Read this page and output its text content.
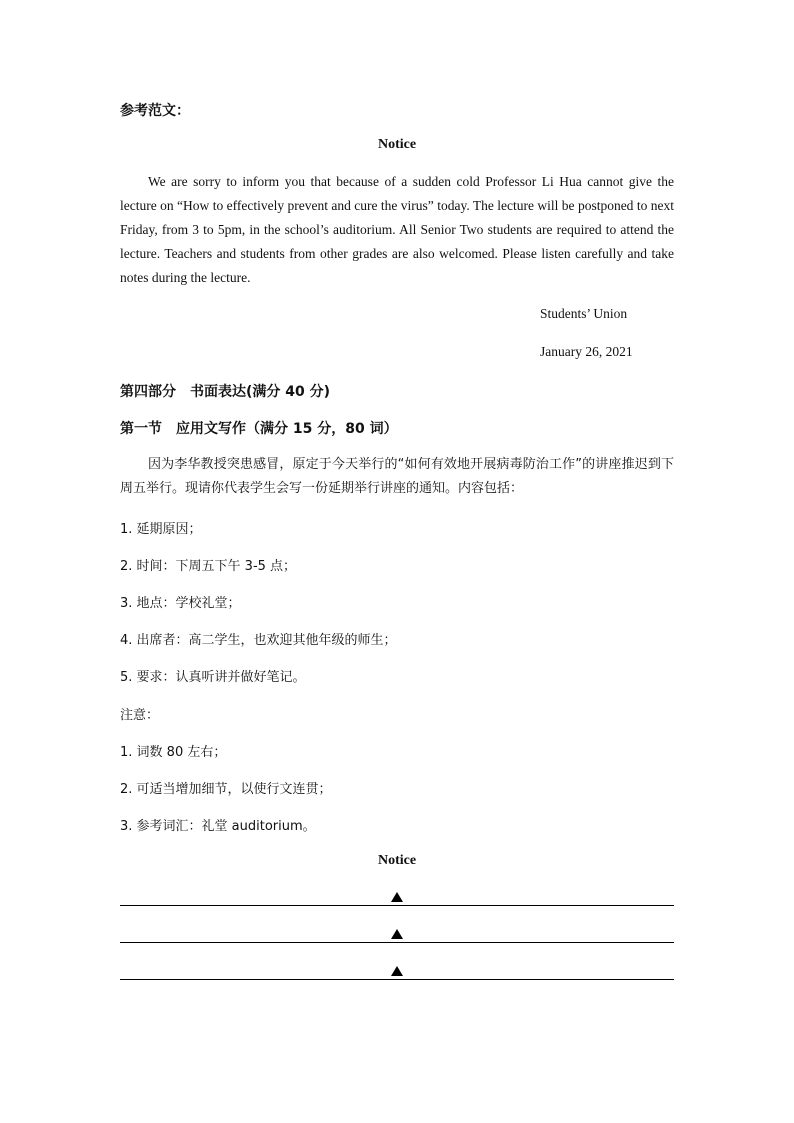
参考范文：
Notice
We are sorry to inform you that because of a sudden cold Professor Li Hua cannot give the lecture on “How to effectively prevent and cure the virus” today. The lecture will be postponed to next Friday, from 3 to 5pm, in the school’s auditorium. All Senior Two students are required to attend the lecture. Teachers and students from other grades are also welcomed. Please listen carefully and take notes during the lecture.
Students’ Union
January 26, 2021
第四部分　书面表达(满分 40 分)
第一节　应用文写作（满分 15 分，80 词）
因为李华教授突患感冒，原定于今天举行的“如何有效地开展病毒防治工作”的讲座推迟到下周五举行。现请你代表学生会写一份延期举行讲座的通知。内容包括：
1. 延期原因；
2. 时间：下周五下午 3-5 点；
3. 地点：学校礼堂；
4. 出席者：高二学生，也欢迎其他年级的师生；
5. 要求：认真听讲并做好笔记。
注意：
1. 词数 80 左右；
2. 可适当增加细节，以使行文连贯；
3. 参考词汇：礼堂 auditorium。
Notice
